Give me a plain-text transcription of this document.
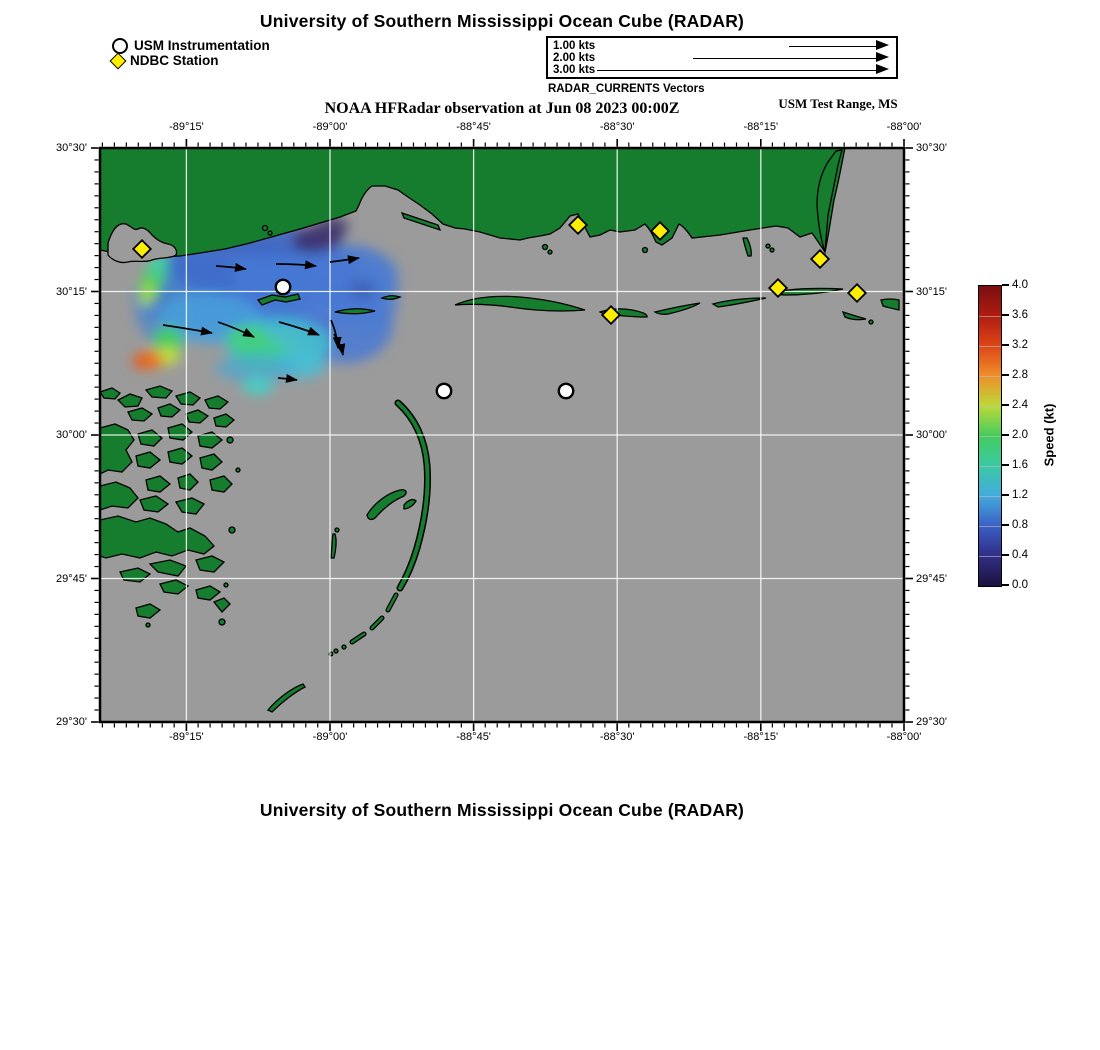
University of Southern Mississippi Ocean Cube (RADAR)
USM Instrumentation
NDBC Station
1.00 kts
2.00 kts
3.00 kts
RADAR_CURRENTS Vectors
NOAA HFRadar observation at Jun 08 2023 00:00Z	USM Test Range, MS
Speed (kt)
University of Southern Mississippi Ocean Cube (RADAR)
-89°15'
-89°15'
-89°00'
-89°00'
-88°45'
-88°45'
-88°30'
-88°30'
-88°15'
-88°15'
-88°00'
-88°00'
30°30'	30°30'
30°15'	30°15'
30°00'	30°00'
29°45'	29°45'
29°30'	29°30'
4.0
3.6
3.2
2.8
2.4
2.0
1.6
1.2
0.8
0.4
0.0
